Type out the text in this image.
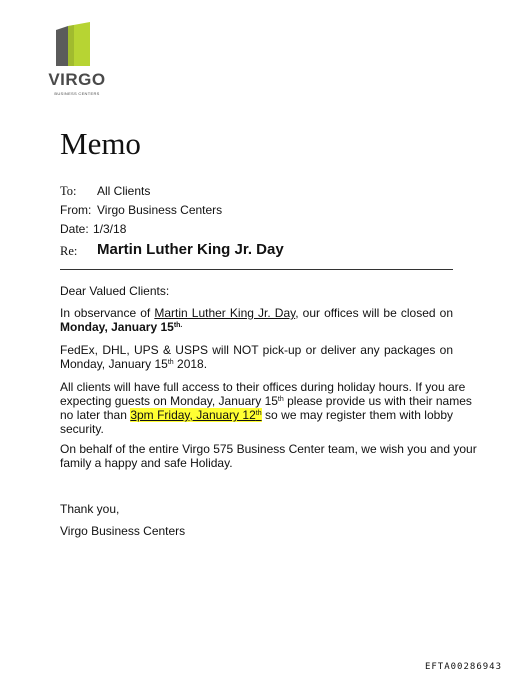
VIRGO
BUSINESS CENTERS
Memo
To: All Clients
From: Virgo Business Centers
Date: 1/3/18
Re: Martin Luther King Jr. Day
Dear Valued Clients:
In observance of Martin Luther King Jr. Day, our offices will be closed on
Monday, January $15^{th.}$
FedEx, DHL, UPS & USPS will NOT pick-up or deliver any packages on
Monday, January 15th 2018.
All clients will have full access to their offices during holiday hours. If you are
expecting guests on Monday, January 15th please provide us with their names
no later than 3pm Friday, January 12th so we may register them with lobby
security.
On behalf of the entire Virgo 575 Business Center team, we wish you and your
family a happy and safe Holiday.
Thank you,
Virgo Business Centers
EFTA00286943
